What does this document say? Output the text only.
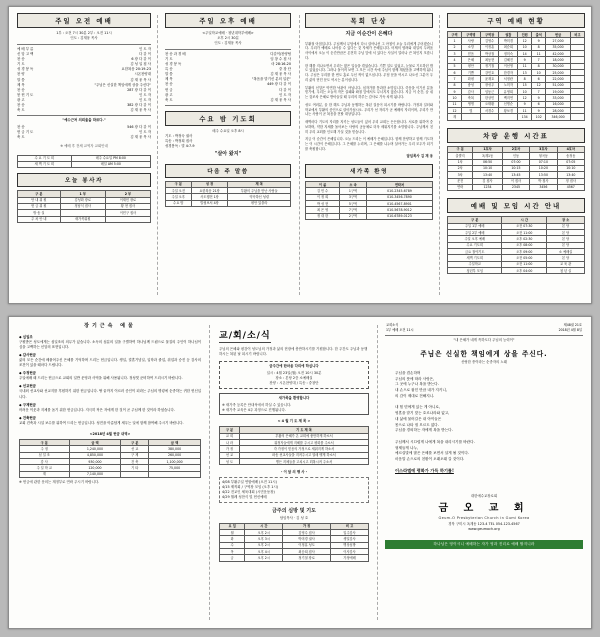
주일 오전 예배
1부 : 오전 7시 30분 2부 : 오전 11시
인도 : 김재웅 목사
예 배 부 름	인 도 자
신 앙 고 백	다 같 이
찬 송	6 장 다 같 이
기 도	김 성 일 집 사
성 경 봉 독	요한복음 20:19-23
찬 양	시온찬양대
말 씀	김 재 웅 목 사
제 목	"주님은 신실한 책임에게 상을 주신다"
찬 송	287 장 다 같 이
봉 헌 기 도	인 도 자
광 고	인 도 자
찬 송	382 장 다 같 이
축 도	김 재 웅 목 사
"예수근처 의뢰율을 따르다."
찬 송	546 장 다 같 이
헌 금 기 도	인 도 자
축 도	김 재 웅 목 사
※ 예배 후 전체 교역자 교회안내
수 요 기 도 회	매주 수요일 PM 8:00
새 벽 기 도 회	매일 AM 5:00
오늘 봉사자
구 분	1 부	2 부
안 내 위 원	김성화 장로	이재민 장로
헌 금 위 원	정남식 집사	황 현 집사
방 송 실		이민구 집사
주 차 안 내	새가족위원	
주일 오후 예배
<주일학교예배 · 청년대학부예배>
오후 2시 30분
인도 : 김재웅 목사
찬 송 과 경 배	다같이/찬양팀
기 도	임 창 수 집 사
성 경 봉 독	마 28:16-20
특 송	중 창 단
말 씀	김 재 웅 목 사
제 목	"복음을 맡기신 분의 일꾼"
찬 송	449 장 다 같 이
헌 금	다 같 이
광 고	인 도 자
축 도	김 재 웅 목 사
수요 밤 기도회
매주 수요일 오후 8시
기도 : 박정숙 권사
특송 : 박정희 집사
성경봉독 : 빌 4:7-9
"살아 왔지"
다음 주 말씀
구 분	성 경	제 목
주일 오전	요한복음 21장	부활의 주님을 만난 사람들
주일 오후	사도행전 1장	약속하신 성령
수요 밤	빌립보서 4장	평안 있을라
목회 단상
지금 이순간이 은혜다
부활절 아침입니다. 주님께서 무덤에서 다시 살아나신 그 아침이 오늘 우리에게 주어졌습니다. 우리가 예배로 나아올 수 있다는 것 자체가 은혜입니다. 어제의 염려와 내일의 두려움 사이에서 오늘 이 순간만큼은 온전히 주님 앞에 서 있다는 사실이 얼마나 큰 복인지 모릅니다.
한 해를 지나오면서 우리는 많은 일들을 겪었습니다. 기쁜 일도 있었고, 눈물로 기도하던 밤도 있었습니다. 그러나 돌이켜 보면 그 모든 시간 속에 주님이 함께 계셨음을 고백하게 됩니다. 주님은 우리를 한 번도 홀로 두신 적이 없으십니다. 무덤 문을 여시고 나오신 그분이 우리 삶의 닫힌 문도 여시는 분이십니다.
부활의 신앙은 막연한 낙관이 아닙니다. 십자가를 통과한 소망입니다. 죽음을 이기신 분을 믿기에, 우리는 오늘의 작은 실패와 좌절 앞에서도 무너지지 않습니다. 지금 이 순간, 숨 쉬는 것조차 은혜로 받아들일 때 우리의 하루는 감사로 가득 차게 됩니다.
성도 여러분, 올 한 해도 주님과 동행하는 복된 걸음이 되시기를 바랍니다. 가정과 일터와 학교에서 부활의 증인으로 살아가십시오. 우리가 선 자리가 곧 예배의 자리이며, 우리가 만나는 사람이 곧 복음을 전할 대상입니다.
새벽마다 기도의 자리를 지키는 성도들이 있어 우리 교회는 든든합니다. 서로를 위하여 중보하며, 약한 지체를 돌아보는 사랑의 공동체로 더욱 세워지기를 소망합니다. 주님께서 친히 우리 교회를 인도해 가실 것을 믿습니다.
지금 이 순간이 은혜입니다. 오늘 드리는 이 예배가 은혜입니다. 함께 찬양하고 함께 기도하는 이 시간이 은혜입니다. 그 은혜를 누리며, 그 은혜를 나누며 살아가는 우리 모두가 되기를 축원합니다.
담임목사 김 재 웅
새가족 환영
이 름	소 속	연락처
김 민 수	1구역	010-2345-6789
이 정 희	3구역	010-3456-7890
박 성 현	5구역	010-4567-8901
최 은 영	7구역	010-5678-9012
정 대 한	2구역	010-6789-0123
구역 예배 현황
구역	구역명	구역장	권찰	인원	출석	헌금	비고
1	사랑	김영수	박미경	12	9	27,000	
2	소망	이정훈	최순희	10	8	35,000	
3	믿음	박상철	정미숙	14	11	42,000	
4	은혜	최동현	김혜진	9	7	18,000	
5	평안	정기철	이선영	11	8	30,000	
6	기쁨	강민호	한경자	13	10	25,000	
7	화평	윤재호	서정란	8	6	22,000	
8	충성	장성우	노미자	15	12	51,000	
9	감사	임동근	유영희	10	7	19,000	
10	축복	한상민	백지연	12	9	33,000	
11	생명	오태환	신명순	9	6	16,000	
12	빛	서경수	황보경	11	9	28,000	
계				134	102	346,000	
차량 운행 시간표
구 분	1호차	2호차	3호차	4호차
출발지	옥계1동	인동	형곡동	송정동
1차	06:50	07:00	07:10	07:05
2차	10:10	10:15	10:20	10:10
3차	13:40	13:45	13:50	13:40
운전	김 집사	이 집사	박 집사	정 집사
연락	1234	2345	3456	4567
예배 및 모임 시간 안내
구 분	시 간	장 소
주일 1부 예배	오전 07:30	본 당
주일 2부 예배	오전 11:00	본 당
주일 오후 예배	오후 02:30	본 당
수요 기도회	오후 08:00	본 당
금요 철야기도	오후 09:00	소 예배실
새벽 기도회	오전 05:00	본 당
주일학교	오전 11:00	교 육 관
청년부 모임	오후 04:00	청 년 실
장기근속 예물
◆ 십일조
구원받은 성도에게는 십일조의 의무가 있습니다. 소득의 십분의 일을 구별하여 하나님께 드림으로 물질의 주인이 하나님이심을 고백하는 신앙의 표현입니다.
◆ 감사헌금
삶의 모든 순간에 베풀어주신 은혜를 기억하며 드리는 헌금입니다. 생일, 결혼기념일, 입학과 졸업, 취업과 승진 등 감사의 조건이 있을 때마다 드립니다.
◆ 주정헌금
주일예배 때 드리는 헌금으로 교회의 일반 운영과 사역을 위해 사용됩니다. 정성껏 준비하여 드리시기 바랍니다.
◆ 선교헌금
국내외 선교사와 선교지를 후원하기 위한 헌금입니다. 땅 끝까지 이르러 증인이 되라는 주님의 명령에 순종하는 귀한 헌신입니다.
◆ 구제헌금
어려운 이웃과 지체를 돕기 위한 헌금입니다. 지극히 작은 자에게 한 것이 곧 주님께 한 것이라 하셨습니다.
◆ 건축헌금
교회 건축과 시설 보수를 위하여 드리는 헌금입니다. 성전을 아름답게 세우는 일에 함께 참여해 주시기 바랍니다.
<2018년 4월 헌금 내역>
구 분	금 액	구 분	금 액
주 정	1,240,000	선 교	380,000
십 일 조	4,850,000	구 제	260,000
감 사	930,000	건 축	1,100,000
주 일 학 교	120,000	기 타	75,000
계	7,140,000		
※ 헌금에 관한 문의는 재정부로 연락 주시기 바랍니다.
교/회/소/식
주님의 은혜와 평강이 성도님의 가정과 삶의 현장에 충만하시기를 기원합니다. 한 주간도 주님과 동행하시는 복된 날 되시기 바랍니다.
금주간에 한마음 다리에 하십니다
일시 : 4월 23일(월) 오전 10시 30분
장소 : 본당 2층 소예배실
찬양 : 시온찬양대 / 특송 : 중창단
새가족을 환영합니다
※ 새가족 등록은 안내석에서 하실 수 있습니다.
※ 새가족 교육은 4주 과정으로 진행됩니다.
< 4 월 기 도 제 목 >
구 분	기 도 제 목
교 회	부활의 은혜가 온 교회에 충만하게 하소서
나 라	위정자들에게 지혜를 주시고 평화를 주소서
가 정	각 가정이 믿음의 가정으로 세워지게 하소서
선 교	파송 선교사들을 지켜주시고 열매 맺게 하소서
성 도	병든 지체들을 고치시고 회복시켜 주소서
- 이 달 의 행 사 -
4/08 부활주일 연합예배 (오전 11시)
4/15 제직회 / 구역장 모임 (오후 1시)
4/22 전교인 체육대회 (시민운동장)
4/29 월례 성찬식 및 헌신예배
금주의 심방 및 기도
담임목사 · 김 성 호
요 일	시 간	가 정	비 고
월	오후 2시	김영수 집사	입주감사
화	오후 3시	박미경 권사	생일감사
수	오후 2시	이정훈 성도	병상심방
목	오후 4시	최순희 집사	이사감사
금	오후 2시	정기철 장로	가정예배
교회소식
1부 예배 오전 11시

제48권 21호
2018년 4월 8일
"내 은혜가 네게 족하도다 주님의 능력이"
주님은 신실한 책임에게 상을 주신다.
신랑한 종이라는 순종자의 노래
주님을 겸손하며
주님의 뜻에 따라 사랑은,
그 곳에 누구나 복을 받는다.
내 손으로 잡힌 만큼 내가 지키니,
의 감이 제대로 전해지니.

내 힘 믿에게 있는 게 아니로,
영혼을 맡기 맞는 호르나라와 없고,
내 삶에 물어갈은 내 아이들은
몸으로 나타 낼 모르도 없다.
주님을 경외하는 자에게 복을 받는다.

주님께서 시끄럽게 나에게 복을 내리시기를 바란다.
형제들게 나누,
예르살말에 많은 은혜를 보면서 살게 될 것이다.
마음말 손으로의 친환이 오래오래 갈 것이다.
이스라엘에 평화가 가득 하기를!
대한예수교장로회
금 오 교 회
Geum-O Presbyterian Church in Gumi Korea
경북 구미시 옥계동 123-4 TEL 054-123-4567
www.geumoch.org
하나님은 영이시니 예배하는 자가 영과 진리로 예배 할지니라
